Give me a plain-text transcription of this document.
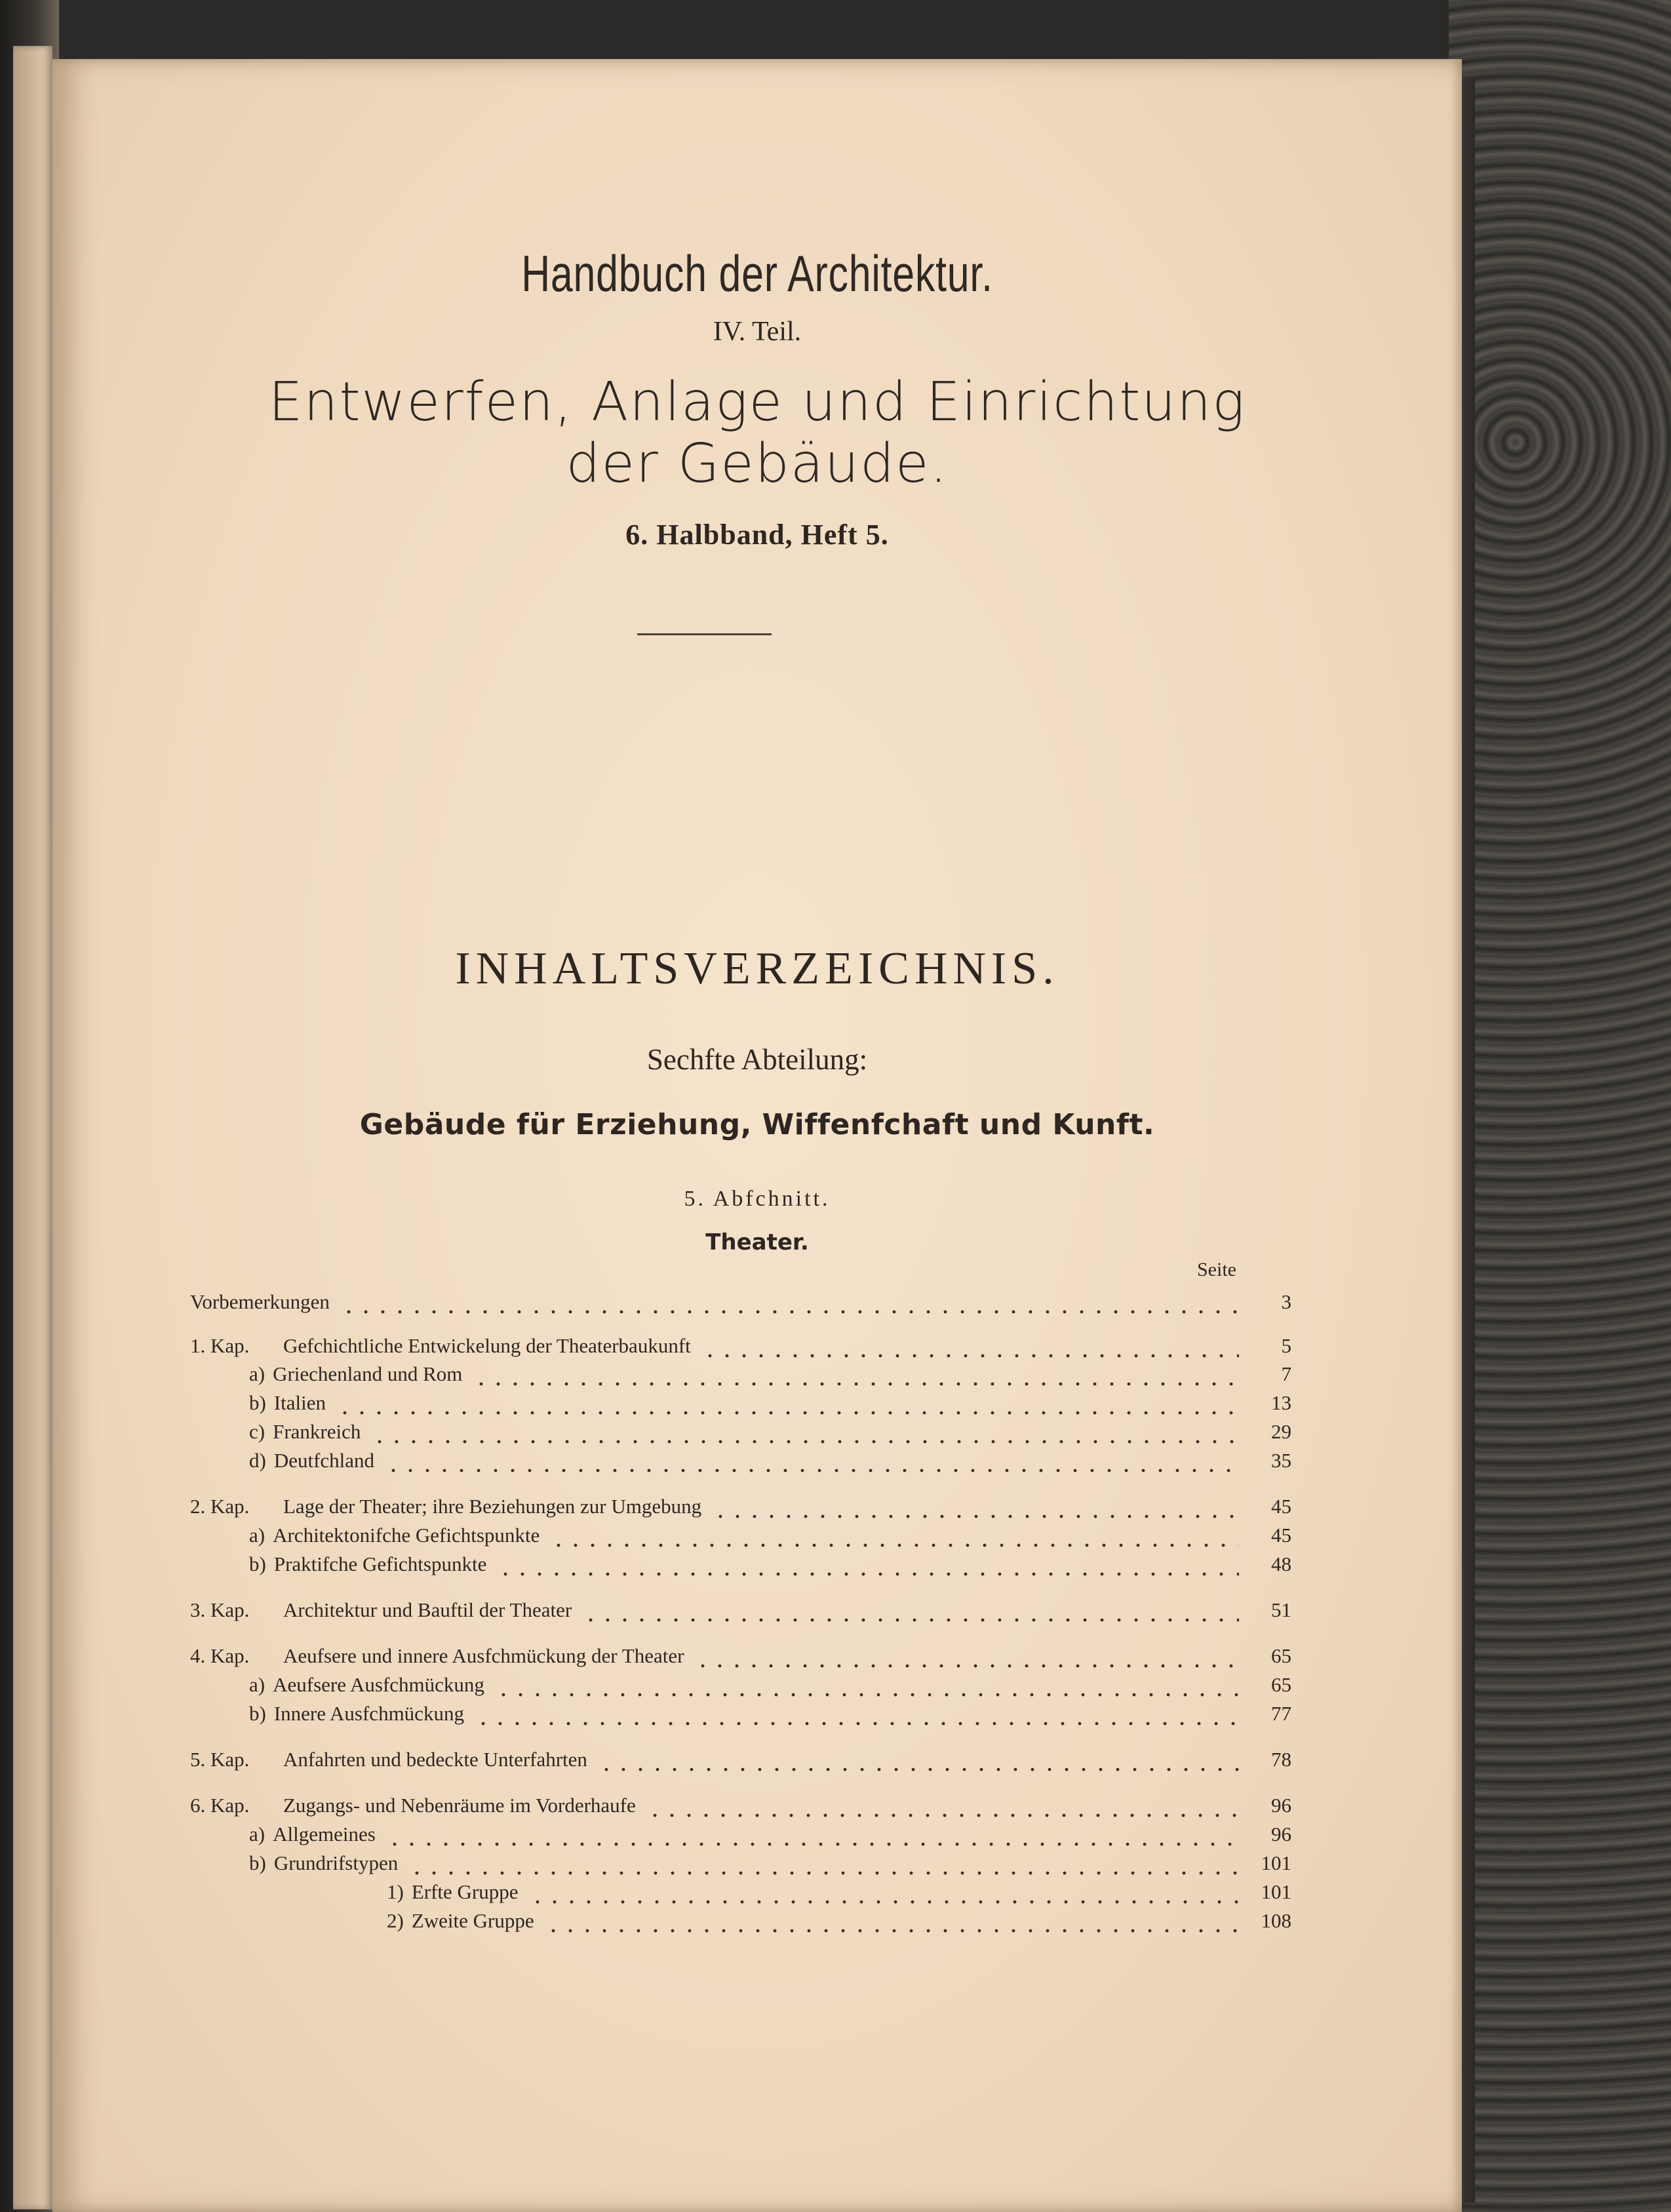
Handbuch der Architektur.
IV. Teil.
Entwerfen, Anlage und Einrichtung
der Gebäude.
6. Halbband, Heft 5.
INHALTSVERZEICHNIS.
Sechfte Abteilung:
Gebäude für Erziehung, Wiffenfchaft und Kunft.
5. Abfchnitt.
Theater.
Seite
Vorbemerkungen	3
1. Kap. Gefchichtliche Entwickelung der Theaterbaukunft	5
a) Griechenland und Rom	7
b) Italien	13
c) Frankreich	29
d) Deutfchland	35
2. Kap. Lage der Theater; ihre Beziehungen zur Umgebung	45
a) Architektonifche Gefichtspunkte	45
b) Praktifche Gefichtspunkte	48
3. Kap. Architektur und Bauftil der Theater	51
4. Kap. Aeufsere und innere Ausfchmückung der Theater	65
a) Aeufsere Ausfchmückung	65
b) Innere Ausfchmückung	77
5. Kap. Anfahrten und bedeckte Unterfahrten	78
6. Kap. Zugangs- und Nebenräume im Vorderhaufe	96
a) Allgemeines	96
b) Grundrifstypen	101
1) Erfte Gruppe	101
2) Zweite Gruppe	108
